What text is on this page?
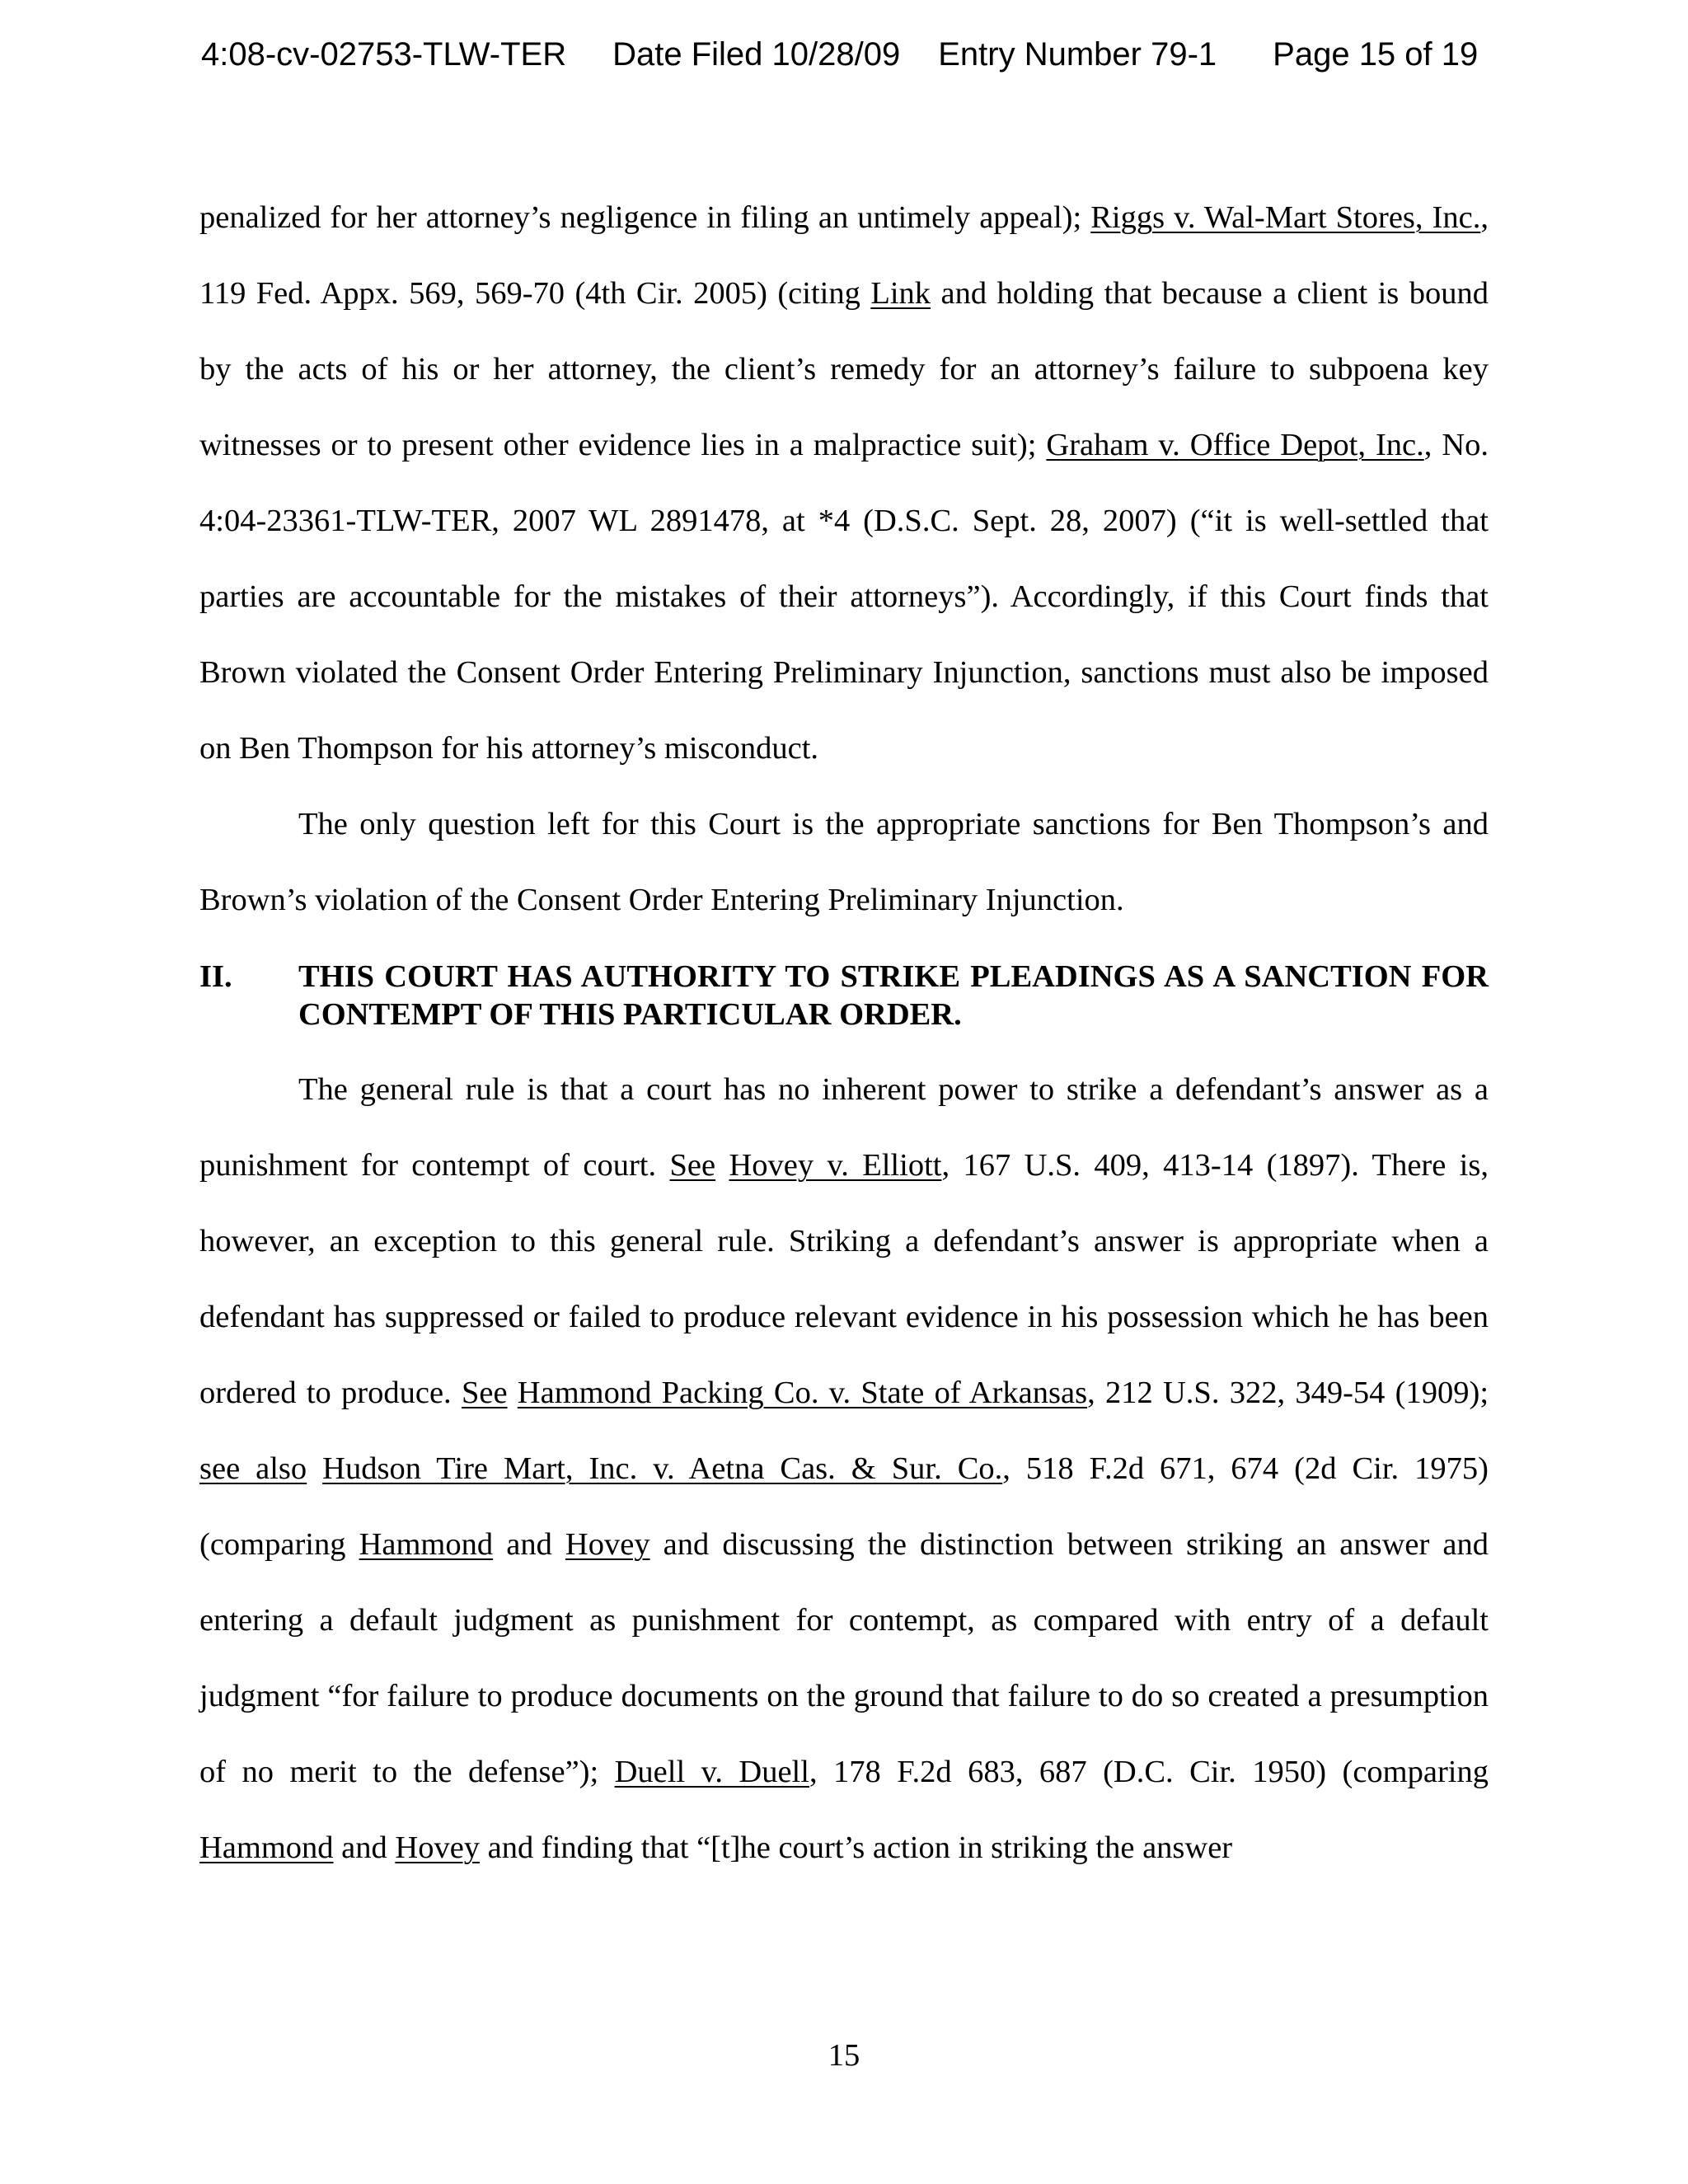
4:08-cv-02753-TLW-TER Date Filed 10/28/09 Entry Number 79-1 Page 15 of 19

penalized for her attorney’s negligence in filing an untimely appeal); Riggs v. Wal-Mart Stores, Inc., 119 Fed. Appx. 569, 569-70 (4th Cir. 2005) (citing Link and holding that because a client is bound by the acts of his or her attorney, the client’s remedy for an attorney’s failure to subpoena key witnesses or to present other evidence lies in a malpractice suit); Graham v. Office Depot, Inc., No. 4:04-23361-TLW-TER, 2007 WL 2891478, at *4 (D.S.C. Sept. 28, 2007) (“it is well-settled that parties are accountable for the mistakes of their attorneys”). Accordingly, if this Court finds that Brown violated the Consent Order Entering Preliminary Injunction, sanctions must also be imposed on Ben Thompson for his attorney’s misconduct.

The only question left for this Court is the appropriate sanctions for Ben Thompson’s and Brown’s violation of the Consent Order Entering Preliminary Injunction.

II.	THIS COURT HAS AUTHORITY TO STRIKE PLEADINGS AS A SANCTION FOR CONTEMPT OF THIS PARTICULAR ORDER.

The general rule is that a court has no inherent power to strike a defendant’s answer as a punishment for contempt of court. See Hovey v. Elliott, 167 U.S. 409, 413-14 (1897). There is, however, an exception to this general rule. Striking a defendant’s answer is appropriate when a defendant has suppressed or failed to produce relevant evidence in his possession which he has been ordered to produce. See Hammond Packing Co. v. State of Arkansas, 212 U.S. 322, 349-54 (1909); see also Hudson Tire Mart, Inc. v. Aetna Cas. & Sur. Co., 518 F.2d 671, 674 (2d Cir. 1975) (comparing Hammond and Hovey and discussing the distinction between striking an answer and entering a default judgment as punishment for contempt, as compared with entry of a default judgment “for failure to produce documents on the ground that failure to do so created a presumption of no merit to the defense”); Duell v. Duell, 178 F.2d 683, 687 (D.C. Cir. 1950) (comparing Hammond and Hovey and finding that “[t]he court’s action in striking the answer

15
